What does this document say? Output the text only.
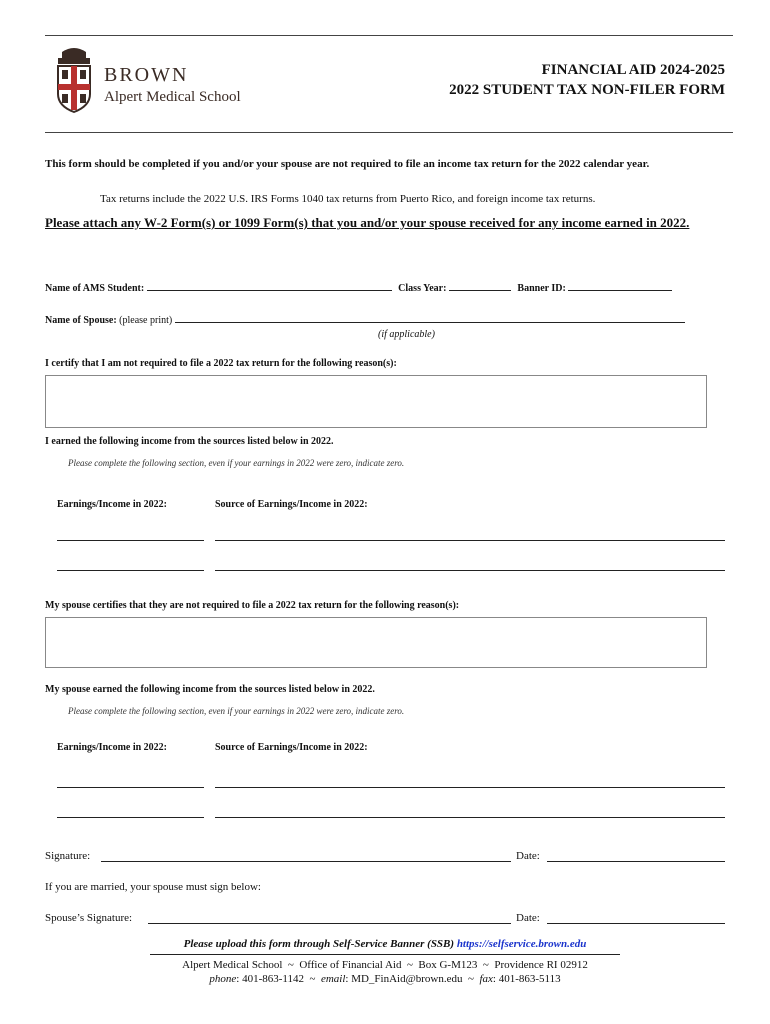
BROWN
Alpert Medical School
FINANCIAL AID 2024-2025
2022 STUDENT TAX NON-FILER FORM
This form should be completed if you and/or your spouse are not required to file an income tax return for the 2022 calendar year.
Tax returns include the 2022 U.S. IRS Forms 1040 tax returns from Puerto Rico, and foreign income tax returns.
Please attach any W-2 Form(s) or 1099 Form(s) that you and/or your spouse received for any income earned in 2022.
Name of AMS Student:	Class Year:	Banner ID:
Name of Spouse: (please print)
(if applicable)
I certify that I am not required to file a 2022 tax return for the following reason(s):
I earned the following income from the sources listed below in 2022.
Please complete the following section, even if your earnings in 2022 were zero, indicate zero.
Earnings/Income in 2022:	Source of Earnings/Income in 2022:
My spouse certifies that they are not required to file a 2022 tax return for the following reason(s):
My spouse earned the following income from the sources listed below in 2022.
Please complete the following section, even if your earnings in 2022 were zero, indicate zero.
Earnings/Income in 2022:	Source of Earnings/Income in 2022:
Signature:	Date:
If you are married, your spouse must sign below:
Spouse’s Signature:	Date:
Please upload this form through Self-Service Banner (SSB) https://selfservice.brown.edu
Alpert Medical School  ~  Office of Financial Aid  ~  Box G-M123  ~  Providence RI 02912
phone: 401-863-1142  ~  email: MD_FinAid@brown.edu  ~  fax: 401-863-5113
